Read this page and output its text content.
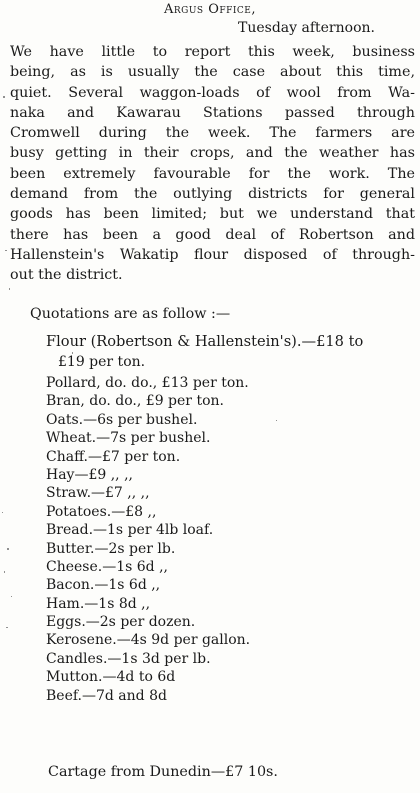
Argus Office,
Tuesday afternoon.
We have little to report this week, business
being, as is usually the case about this time,
quiet. Several waggon-loads of wool from Wa-
naka and Kawarau Stations passed through
Cromwell during the week. The farmers are
busy getting in their crops, and the weather has
been extremely favourable for the work. The
demand from the outlying districts for general
goods has been limited; but we understand that
there has been a good deal of Robertson and
Hallenstein's Wakatip flour disposed of through-
out the district.
Quotations are as follow :—
Flour (Robertson & Hallenstein's).—£18 to
£19 per ton.
Pollard, do. do., £13 per ton.
Bran, do. do., £9 per ton.
Oats.—6s per bushel.
Wheat.—7s per bushel.
Chaff.—£7 per ton.
Hay—£9 ,, ,,
Straw.—£7 ,, ,,
Potatoes.—£8 ,,
Bread.—1s per 4lb loaf.
Butter.—2s per lb.
Cheese.—1s 6d ,,
Bacon.—1s 6d ,,
Ham.—1s 8d ,,
Eggs.—2s per dozen.
Kerosene.—4s 9d per gallon.
Candles.—1s 3d per lb.
Mutton.—4d to 6d
Beef.—7d and 8d
Cartage from Dunedin—£7 10s.
